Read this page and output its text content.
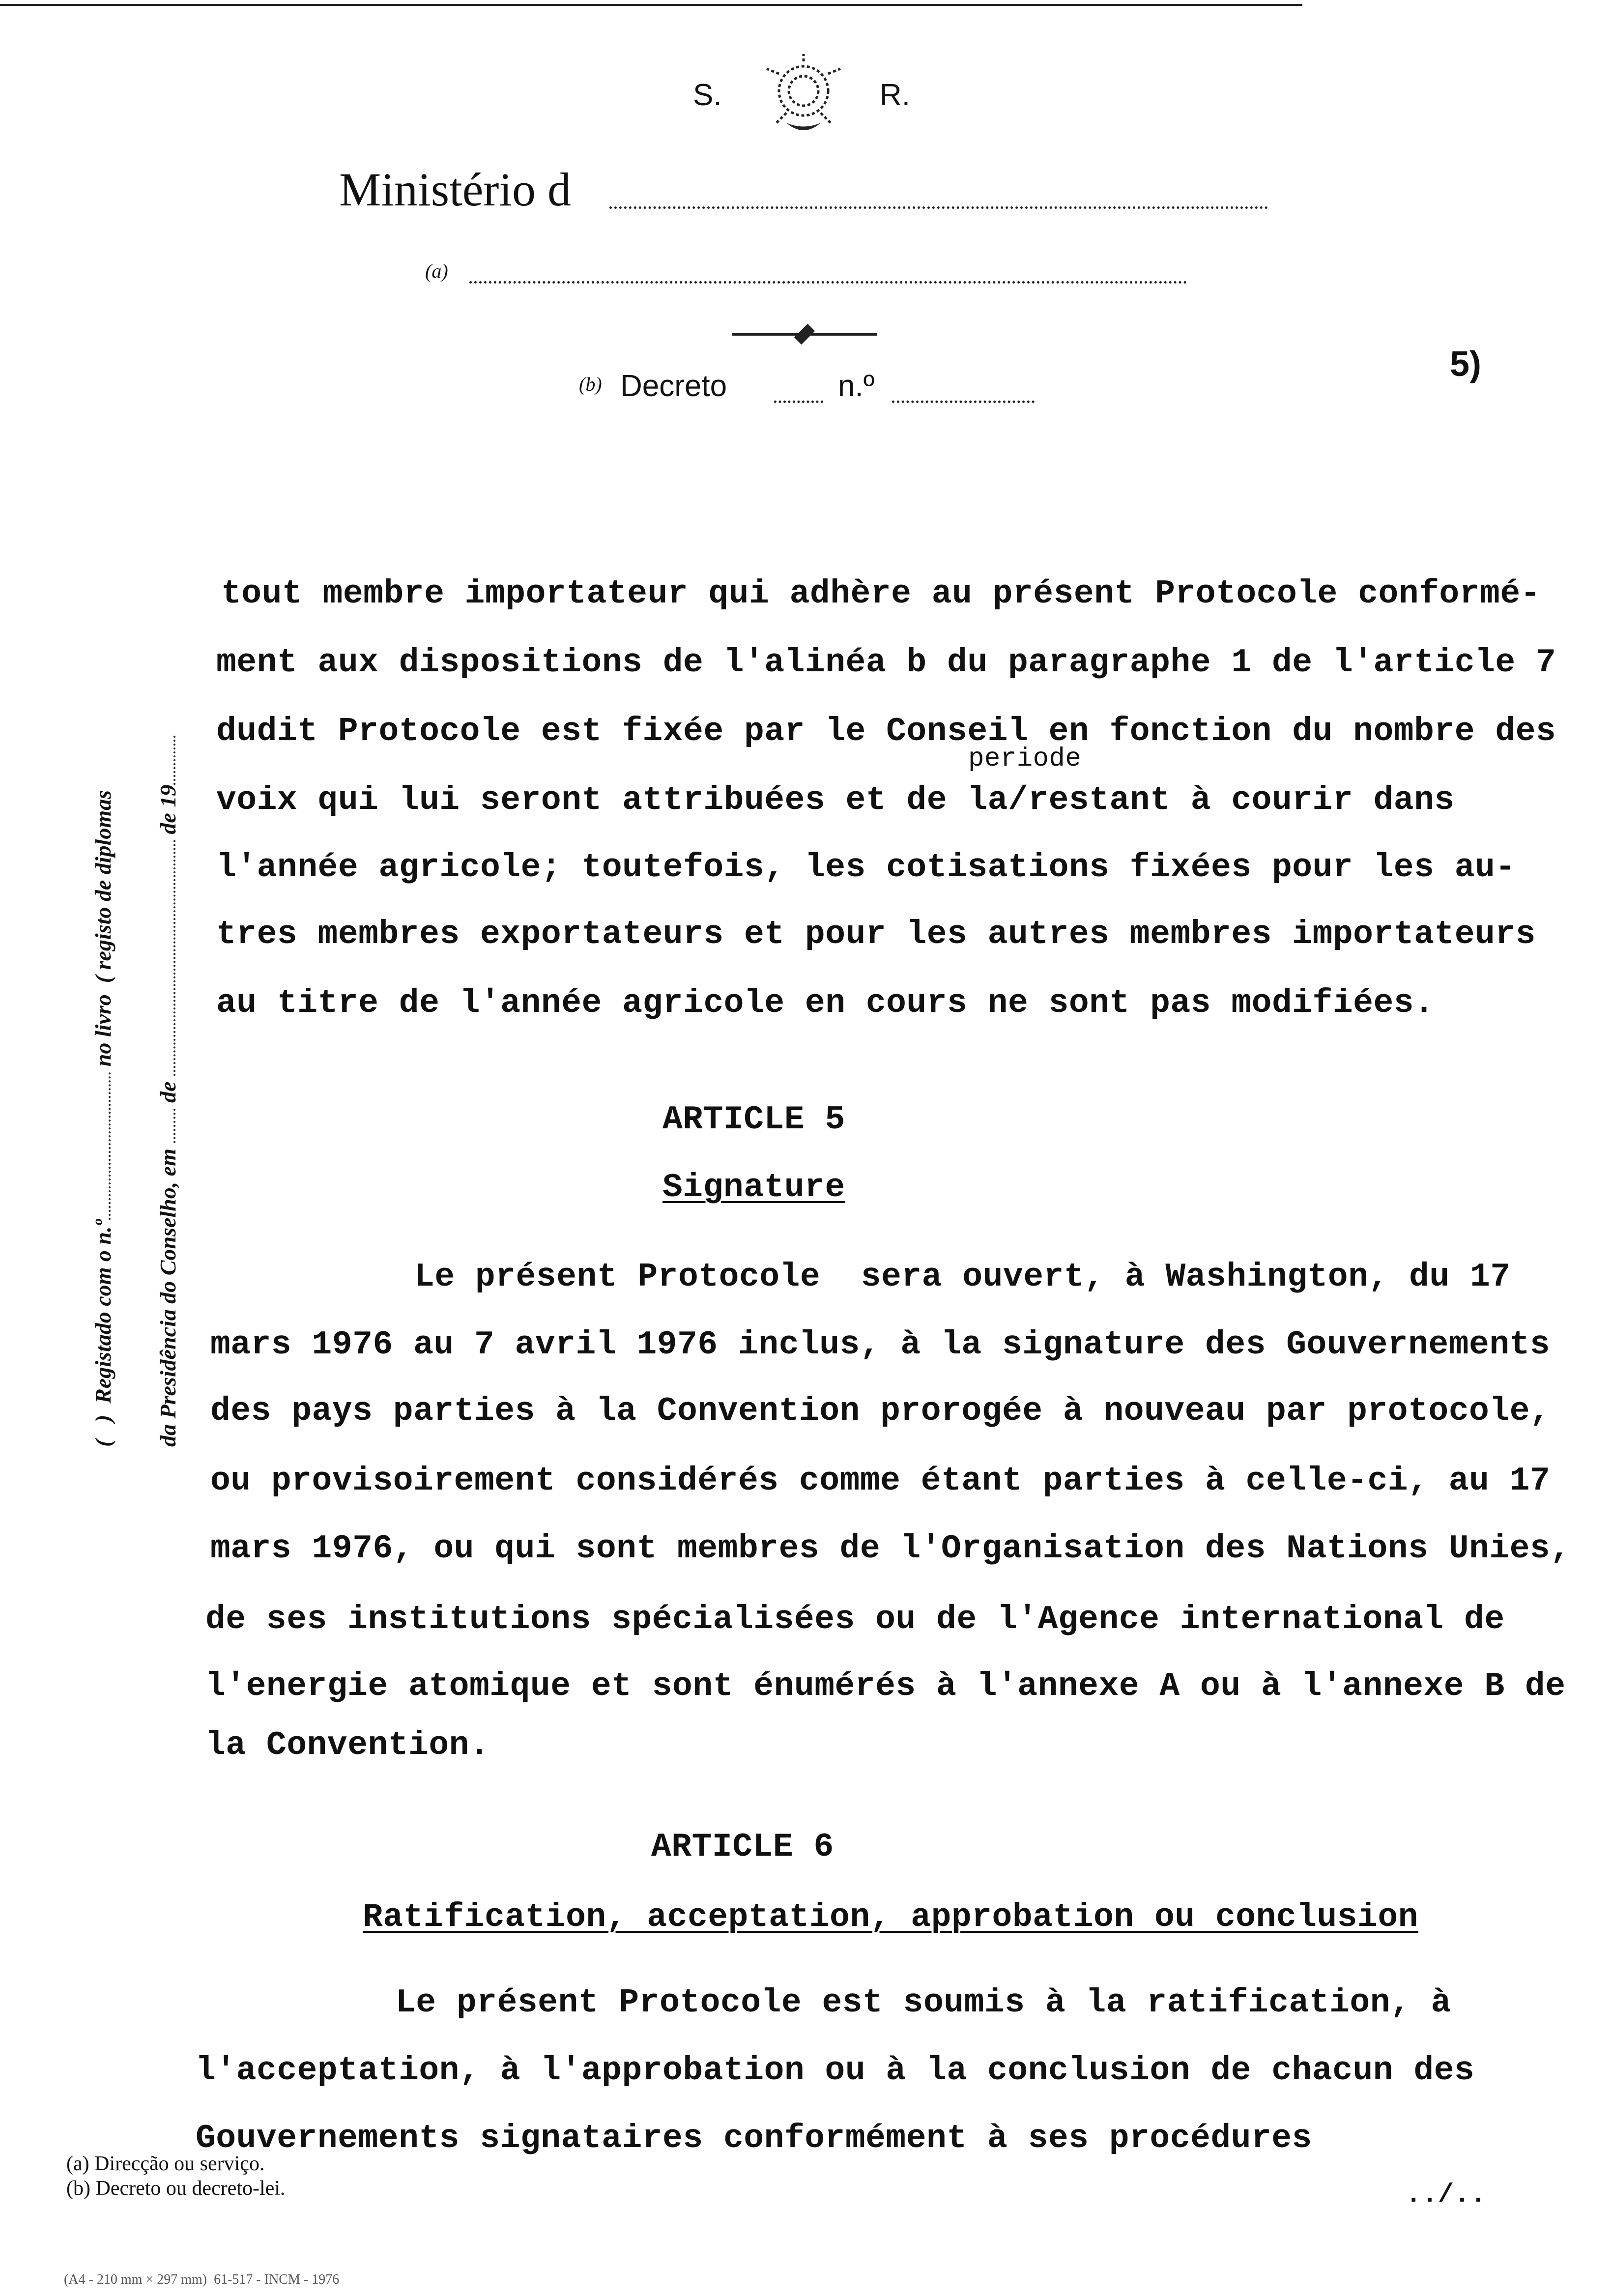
S.	R.
Ministério d
(a)
(b) Decreto	n.º
5)

(   )  Registado com o n.º no livro  ( registo de diplomas

da Presidência do Conselho, em  de  de 19

tout membre importateur qui adhère au présent Protocole conformé-
ment aux dispositions de l'alinéa b du paragraphe 1 de l'article 7
dudit Protocole est fixée par le Conseil en fonction du nombre des
periode
voix qui lui seront attribuées et de la/restant à courir dans
l'année agricole; toutefois, les cotisations fixées pour les au-
tres membres exportateurs et pour les autres membres importateurs
au titre de l'année agricole en cours ne sont pas modifiées.
ARTICLE 5
Signature
Le présent Protocole  sera ouvert, à Washington, du 17
mars 1976 au 7 avril 1976 inclus, à la signature des Gouvernements
des pays parties à la Convention prorogée à nouveau par protocole,
ou provisoirement considérés comme étant parties à celle-ci, au 17
mars 1976, ou qui sont membres de l'Organisation des Nations Unies,
de ses institutions spécialisées ou de l'Agence international de
l'energie atomique et sont énumérés à l'annexe A ou à l'annexe B de
la Convention.
ARTICLE 6
Ratification, acceptation, approbation ou conclusion
Le présent Protocole est soumis à la ratification, à
l'acceptation, à l'approbation ou à la conclusion de chacun des
Gouvernements signataires conformément à ses procédures
../..
(a) Direcção ou serviço.
(b) Decreto ou decreto-lei.
(A4 - 210 mm × 297 mm)  61-517 - INCM - 1976
